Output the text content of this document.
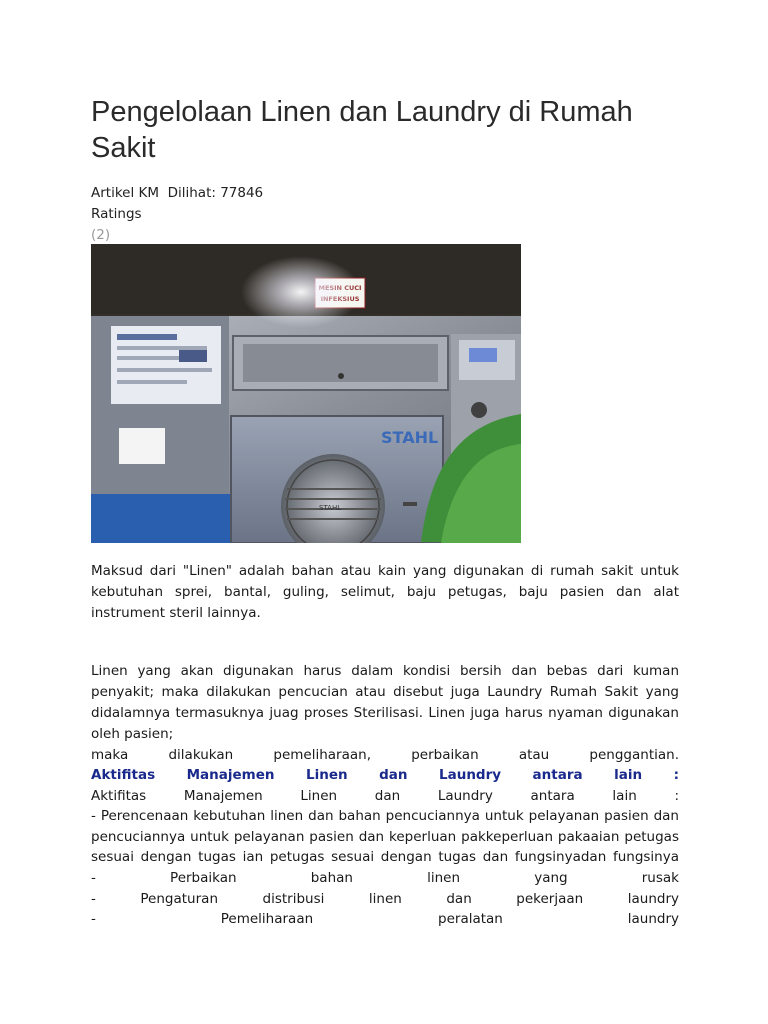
Pengelolaan Linen dan Laundry di Rumah Sakit
Artikel KM  Dilihat: 77846
Ratings
(2)
STAHL
STAHL

Maksud dari "Linen" adalah bahan atau kain yang digunakan di rumah sakit untuk kebutuhan sprei, bantal, guling, selimut, baju petugas, baju pasien dan alat instrument steril lainnya.

Linen yang akan digunakan harus dalam kondisi bersih dan bebas dari kuman penyakit; maka dilakukan pencucian atau disebut juga Laundry Rumah Sakit yang didalamnya termasuknya juag proses Sterilisasi. Linen juga harus nyaman digunakan oleh pasien;
maka dilakukan pemeliharaan, perbaikan atau penggantian.

Aktifitas Manajemen Linen dan Laundry antara lain :
Aktifitas Manajemen Linen dan Laundry antara lain :
- Perencenaan kebutuhan linen dan bahan pencuciannya untuk pelayanan pasien dan
pencuciannya untuk pelayanan pasien dan keperluan pakkeperluan pakaaian petugas
sesuai dengan tugas ian petugas sesuai dengan tugas dan fungsinyadan fungsinya
- Perbaikan bahan linen yang rusak
- Pengaturan distribusi linen dan pekerjaan laundry
- Pemeliharaan peralatan laundry
